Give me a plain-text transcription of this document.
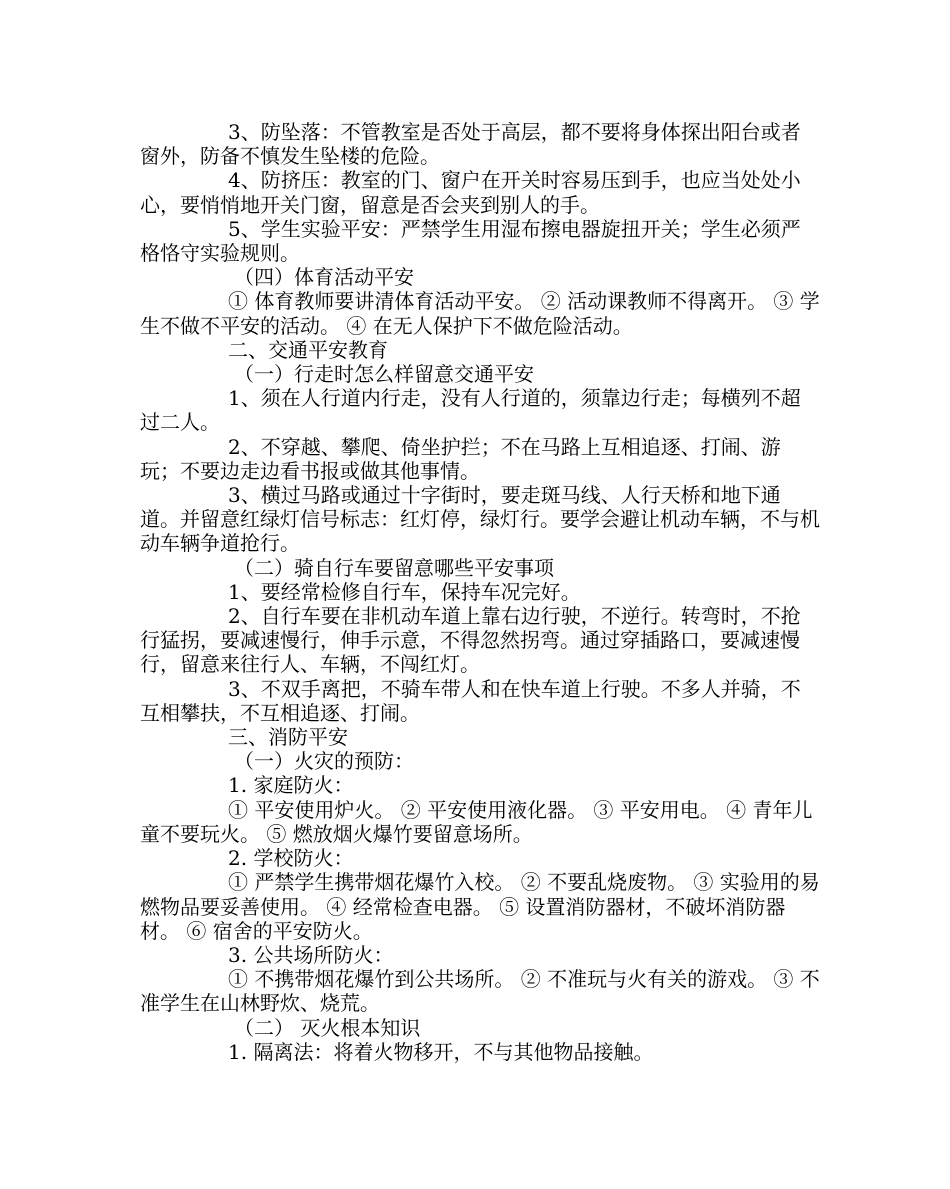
3、防坠落：不管教室是否处于高层，都不要将身体探出阳台或者窗外，防备不慎发生坠楼的危险。

4、防挤压：教室的门、窗户在开关时容易压到手，也应当处处小心，要悄悄地开关门窗，留意是否会夹到别人的手。

5、学生实验平安：严禁学生用湿布擦电器旋扭开关；学生必须严格恪守实验规则。

（四）体育活动平安

① 体育教师要讲清体育活动平安。 ② 活动课教师不得离开。 ③ 学生不做不平安的活动。 ④ 在无人保护下不做危险活动。

二、交通平安教育

（一）行走时怎么样留意交通平安

1、须在人行道内行走，没有人行道的，须靠边行走；每横列不超过二人。

2、不穿越、攀爬、倚坐护拦；不在马路上互相追逐、打闹、游玩；不要边走边看书报或做其他事情。

3、横过马路或通过十字街时，要走斑马线、人行天桥和地下通道。并留意红绿灯信号标志：红灯停，绿灯行。要学会避让机动车辆，不与机动车辆争道抢行。

（二）骑自行车要留意哪些平安事项

1、要经常检修自行车，保持车况完好。

2、自行车要在非机动车道上靠右边行驶，不逆行。转弯时，不抢行猛拐，要减速慢行，伸手示意，不得忽然拐弯。通过穿插路口，要减速慢行，留意来往行人、车辆，不闯红灯。

3、不双手离把，不骑车带人和在快车道上行驶。不多人并骑，不互相攀扶，不互相追逐、打闹。

三、消防平安

（一）火灾的预防：

1. 家庭防火：

① 平安使用炉火。 ② 平安使用液化器。 ③ 平安用电。 ④ 青年儿童不要玩火。 ⑤ 燃放烟火爆竹要留意场所。

2. 学校防火：

① 严禁学生携带烟花爆竹入校。 ② 不要乱烧废物。 ③ 实验用的易燃物品要妥善使用。 ④ 经常检查电器。 ⑤ 设置消防器材，不破坏消防器材。 ⑥ 宿舍的平安防火。

3. 公共场所防火：

① 不携带烟花爆竹到公共场所。 ② 不准玩与火有关的游戏。 ③ 不准学生在山林野炊、烧荒。

（二） 灭火根本知识

1. 隔离法：将着火物移开，不与其他物品接触。
